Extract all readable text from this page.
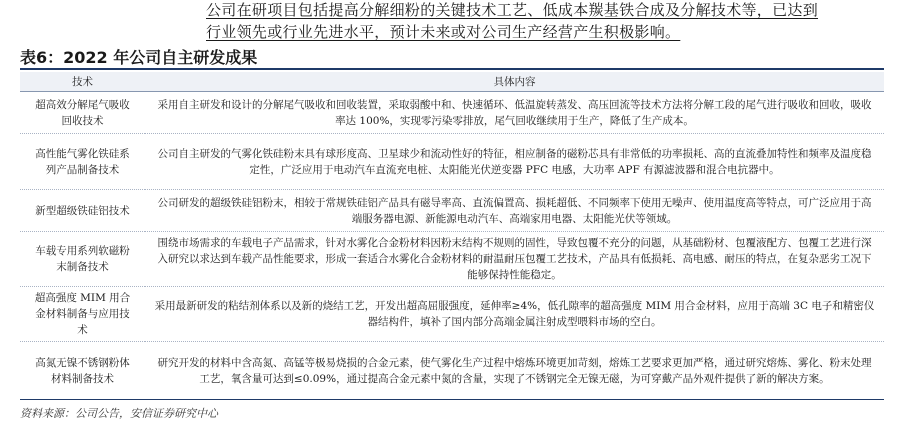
公司在研项目包括提高分解细粉的关键技术工艺、低成本羰基铁合成及分解技术等，已达到
行业领先或行业先进水平，预计未来或对公司生产经营产生积极影响。
表6：2022 年公司自主研发成果
技术	具体内容
超高效分解尾气吸收回收技术	采用自主研发和设计的分解尾气吸收和回收装置，采取弱酸中和、快速循环、低温旋转蒸发、高压回流等技术方法将分解工段的尾气进行吸收和回收，吸收率达 100%，实现零污染零排放，尾气回收继续用于生产，降低了生产成本。
高性能气雾化铁硅系列产品制备技术	公司自主研发的气雾化铁硅粉末具有球形度高、卫星球少和流动性好的特征，相应制备的磁粉芯具有非常低的功率损耗、高的直流叠加特性和频率及温度稳定性，广泛应用于电动汽车直流充电桩、太阳能光伏逆变器 PFC 电感，大功率 APF 有源滤波器和混合电抗器中。
新型超级铁硅铝技术	公司研发的超级铁硅铝粉末，相较于常规铁硅铝产品具有磁导率高、直流偏置高、损耗超低、不同频率下使用无噪声、使用温度高等特点，可广泛应用于高端服务器电源、新能源电动汽车、高端家用电器、太阳能光伏等领域。
车载专用系列软磁粉末制备技术	围绕市场需求的车载电子产品需求，针对水雾化合金粉材料因粉末结构不规则的固性，导致包覆不充分的问题，从基础粉材、包覆液配方、包覆工艺进行深入研究以求达到车载产品性能要求，形成一套适合水雾化合金粉材料的耐温耐压包覆工艺技术，产品具有低损耗、高电感、耐压的特点，在复杂恶劣工况下能够保持性能稳定。
超高强度 MIM 用合金材料制备与应用技术	采用最新研发的粘结剂体系以及新的烧结工艺，开发出超高屈服强度，延伸率≥4%，低孔隙率的超高强度 MIM 用合金材料，应用于高端 3C 电子和精密仪器结构件，填补了国内部分高端金属注射成型喂料市场的空白。
高氮无镍不锈钢粉体材料制备技术	研究开发的材料中含高氮、高锰等极易烧损的合金元素，使气雾化生产过程中熔炼环境更加苛刻，熔炼工艺要求更加严格，通过研究熔炼、雾化、粉末处理工艺，氧含量可达到≤0.09%，通过提高合金元素中氮的含量，实现了不锈钢完全无镍无磁，为可穿戴产品外观件提供了新的解决方案。
资料来源：公司公告，安信证券研究中心
